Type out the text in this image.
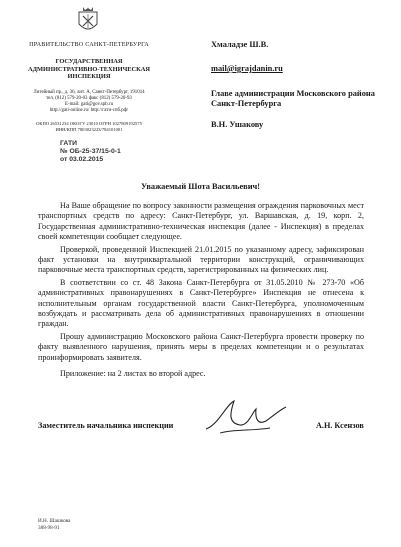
ПРАВИТЕЛЬСТВО САНКТ-ПЕТЕРБУРГА
ГОСУДАРСТВЕННАЯ
АДМИНИСТРАТИВНО-ТЕХНИЧЕСКАЯ
ИНСПЕКЦИЯ
Литейный пр., д. 36, лит. А, Санкт-Петербург, 191014
тел. (812) 579-20-03 факс (812) 579-20-93
E-mail: gati@gov.spb.ru
http://gati-online.ru/ http://гати-спб.рф/
ОКПО 26531234 ОКОГУ 23010 ОГРН 1027809192575
ИНН/КПП 7803023223/784101001
ГАТИ
№ ОБ-25-37/15-0-1
от 03.02.2015
Хмаладзе Ш.В.
mail@igrajdanin.ru
Главе администрации Московского района Санкт-Петербурга
В.Н. Ушакову
Уважаемый Шота Васильевич!

На Ваше обращение по вопросу законности размещения ограждения парковочных мест транспортных средств по адресу: Санкт-Петербург, ул. Варшавская, д. 19, корп. 2, Государственная административно-техническая инспекция (далее - Инспекция) в пределах своей компетенции сообщает следующее.

Проверкой, проведенной Инспекцией 21.01.2015 по указанному адресу, зафиксирован факт установки на внутриквартальной территории конструкций, ограничивающих парковочные места транспортных средств, зарегистрированных на физических лиц.

В соответствии со ст. 48 Закона Санкт-Петербурга от 31.05.2010 № 273-70 «Об административных правонарушениях в Санкт-Петербурге» Инспекция не отнесена к исполнительным органам государственной власти Санкт-Петербурга, уполномоченным возбуждать и рассматривать дела об административных правонарушениях в отношении граждан.

Прошу администрацию Московского района Санкт-Петербурга провести проверку по факту выявленного нарушения, принять меры в пределах компетенции и о результатах проинформировать заявителя.

Приложение: на 2 листах во второй адрес.

Заместитель начальника инспекции	А.Н. Ксензов
И.Н. Шашкова
388-98-91
